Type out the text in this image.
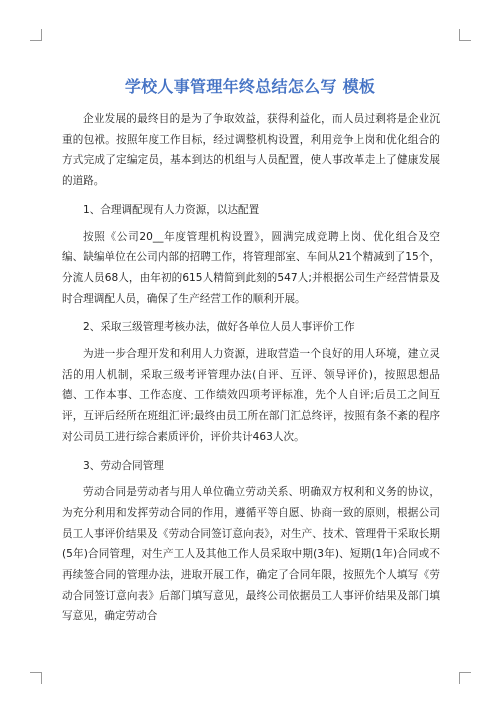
学校人事管理年终总结怎么写 模板

企业发展的最终目的是为了争取效益，获得利益化，而人员过剩将是企业沉重的包袱。按照年度工作目标，经过调整机构设置，利用竞争上岗和优化组合的方式完成了定编定员，基本到达的机组与人员配置，使人事改革走上了健康发展的道路。

1、合理调配现有人力资源，以达配置

按照《公司20__年度管理机构设置》，圆满完成竞聘上岗、优化组合及空编、缺编单位在公司内部的招聘工作，将管理部室、车间从21个精减到了15个，分流人员68人，由年初的615人精简到此刻的547人;并根据公司生产经营情景及时合理调配人员，确保了生产经营工作的顺利开展。

2、采取三级管理考核办法，做好各单位人员人事评价工作

为进一步合理开发和利用人力资源，进取营造一个良好的用人环境，建立灵活的用人机制，采取三级考评管理办法(自评、互评、领导评价)，按照思想品德、工作本事、工作态度、工作绩效四项考评标准，先个人自评;后员工之间互评，互评后经所在班组汇评;最终由员工所在部门汇总终评，按照有条不紊的程序对公司员工进行综合素质评价，评价共计463人次。

3、劳动合同管理

劳动合同是劳动者与用人单位确立劳动关系、明确双方权利和义务的协议，为充分利用和发挥劳动合同的作用，遵循平等自愿、协商一致的原则，根据公司员工人事评价结果及《劳动合同签订意向表》，对生产、技术、管理骨干采取长期(5年)合同管理，对生产工人及其他工作人员采取中期(3年)、短期(1年)合同或不再续签合同的管理办法，进取开展工作，确定了合同年限，按照先个人填写《劳动合同签订意向表》后部门填写意见，最终公司依据员工人事评价结果及部门填写意见，确定劳动合
